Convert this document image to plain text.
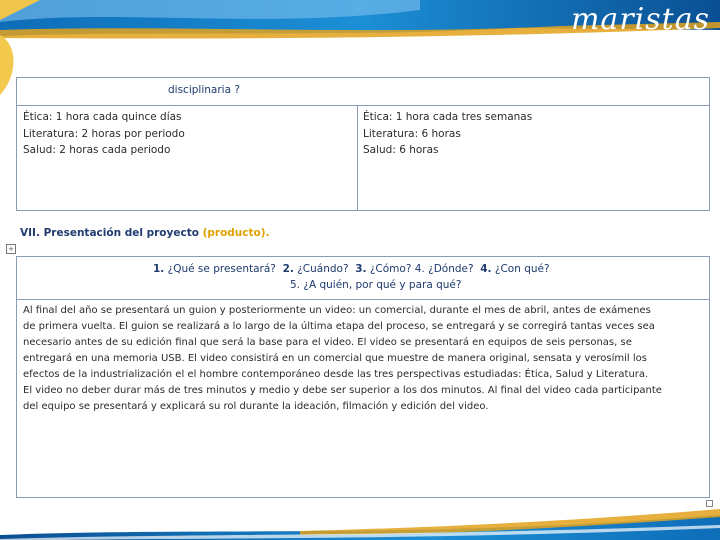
maristas
disciplinaria ?
Ética: 1 hora cada quince días
Literatura: 2 horas por periodo
Salud: 2 horas cada periodo
Ética: 1 hora cada tres semanas
Literatura: 6 horas
Salud: 6 horas
VII. Presentación del proyecto (producto).
+
1. ¿Qué se presentará? 2. ¿Cuándo? 3. ¿Cómo? 4. ¿Dónde? 4. ¿Con qué?
5. ¿A quién, por qué y para qué?
Al final del año se presentará un guion y posteriormente un video: un comercial, durante el mes de abril, antes de exámenes
de primera vuelta. El guion se realizará a lo largo de la última etapa del proceso, se entregará y se corregirá tantas veces sea
necesario antes de su edición final que será la base para el video. El video se presentará en equipos de seis personas, se
entregará en una memoria USB. El video consistirá en un comercial que muestre de manera original, sensata y verosímil los
efectos de la industrialización el el hombre contemporáneo desde las tres perspectivas estudiadas: Ética, Salud y Literatura.
El video no deber durar más de tres minutos y medio y debe ser superior a los dos minutos. Al final del video cada participante
del equipo se presentará y explicará su rol durante la ideación, filmación y edición del video.
